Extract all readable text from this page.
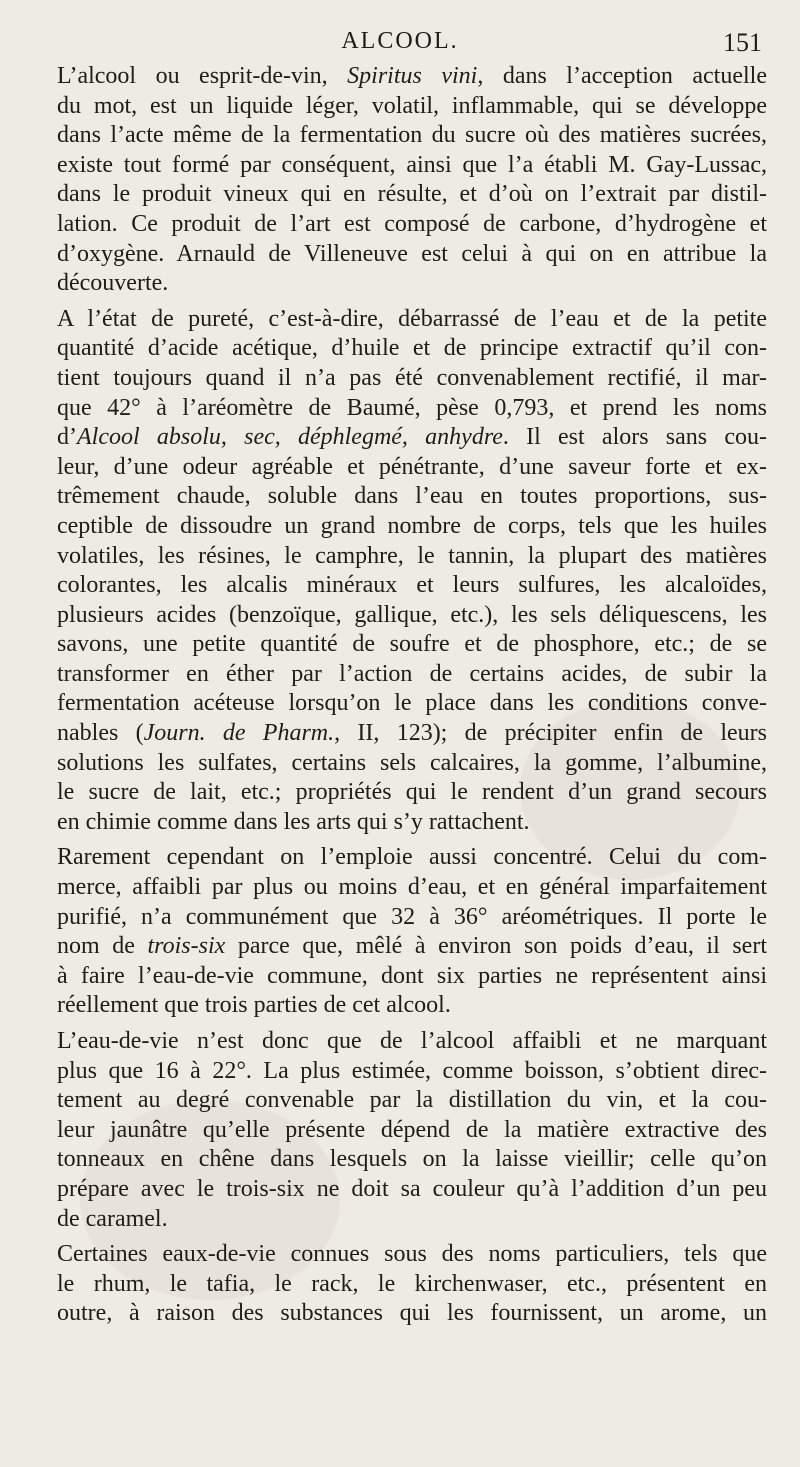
ALCOOL.	151
L’alcool ou esprit-de-vin, Spiritus vini, dans l’acception actuelle
du mot, est un liquide léger, volatil, inflammable, qui se développe
dans l’acte même de la fermentation du sucre où des matières sucrées,
existe tout formé par conséquent, ainsi que l’a établi M. Gay-Lussac,
dans le produit vineux qui en résulte, et d’où on l’extrait par distil-
lation. Ce produit de l’art est composé de carbone, d’hydrogène et
d’oxygène. Arnauld de Villeneuve est celui à qui on en attribue la
découverte.
A l’état de pureté, c’est-à-dire, débarrassé de l’eau et de la petite
quantité d’acide acétique, d’huile et de principe extractif qu’il con-
tient toujours quand il n’a pas été convenablement rectifié, il mar-
que 42° à l’aréomètre de Baumé, pèse 0,793, et prend les noms
d’Alcool absolu, sec, déphlegmé, anhydre. Il est alors sans cou-
leur, d’une odeur agréable et pénétrante, d’une saveur forte et ex-
trêmement chaude, soluble dans l’eau en toutes proportions, sus-
ceptible de dissoudre un grand nombre de corps, tels que les huiles
volatiles, les résines, le camphre, le tannin, la plupart des matières
colorantes, les alcalis minéraux et leurs sulfures, les alcaloïdes,
plusieurs acides (benzoïque, gallique, etc.), les sels déliquescens, les
savons, une petite quantité de soufre et de phosphore, etc.; de se
transformer en éther par l’action de certains acides, de subir la
fermentation acéteuse lorsqu’on le place dans les conditions conve-
nables (Journ. de Pharm., II, 123); de précipiter enfin de leurs
solutions les sulfates, certains sels calcaires, la gomme, l’albumine,
le sucre de lait, etc.; propriétés qui le rendent d’un grand secours
en chimie comme dans les arts qui s’y rattachent.
Rarement cependant on l’emploie aussi concentré. Celui du com-
merce, affaibli par plus ou moins d’eau, et en général imparfaitement
purifié, n’a communément que 32 à 36° aréométriques. Il porte le
nom de trois-six parce que, mêlé à environ son poids d’eau, il sert
à faire l’eau-de-vie commune, dont six parties ne représentent ainsi
réellement que trois parties de cet alcool.
L’eau-de-vie n’est donc que de l’alcool affaibli et ne marquant
plus que 16 à 22°. La plus estimée, comme boisson, s’obtient direc-
tement au degré convenable par la distillation du vin, et la cou-
leur jaunâtre qu’elle présente dépend de la matière extractive des
tonneaux en chêne dans lesquels on la laisse vieillir; celle qu’on
prépare avec le trois-six ne doit sa couleur qu’à l’addition d’un peu
de caramel.
Certaines eaux-de-vie connues sous des noms particuliers, tels que
le rhum, le tafia, le rack, le kirchenwaser, etc., présentent en
outre, à raison des substances qui les fournissent, un arome, un
